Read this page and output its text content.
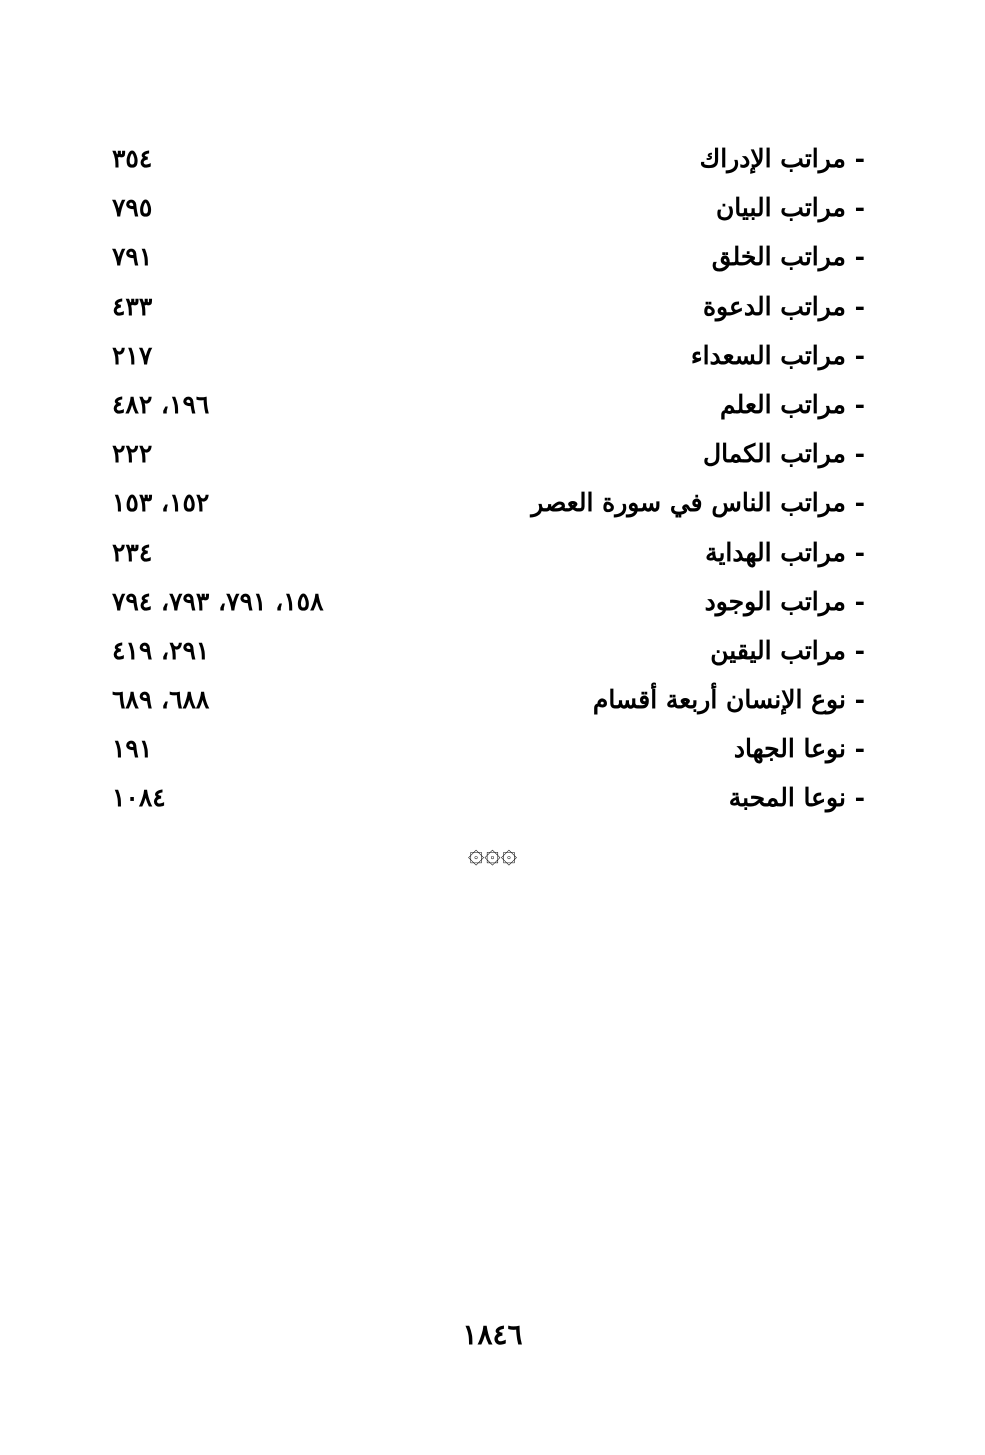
- مراتب الإدراك
٣٥٤
- مراتب البيان
٧٩٥
- مراتب الخلق
٧٩١
- مراتب الدعوة
٤٣٣
- مراتب السعداء
٢١٧
- مراتب العلم
١٩٦، ٤٨٢
- مراتب الكمال
٢٢٢
- مراتب الناس في سورة العصر
١٥٢، ١٥٣
- مراتب الهداية
٢٣٤
- مراتب الوجود
١٥٨، ٧٩١، ٧٩٣، ٧٩٤
- مراتب اليقين
٢٩١، ٤١٩
- نوع الإنسان أربعة أقسام
٦٨٨، ٦٨٩
- نوعا الجهاد
١٩١
- نوعا المحبة
١٠٨٤
۞۞۞
١٨٤٦
